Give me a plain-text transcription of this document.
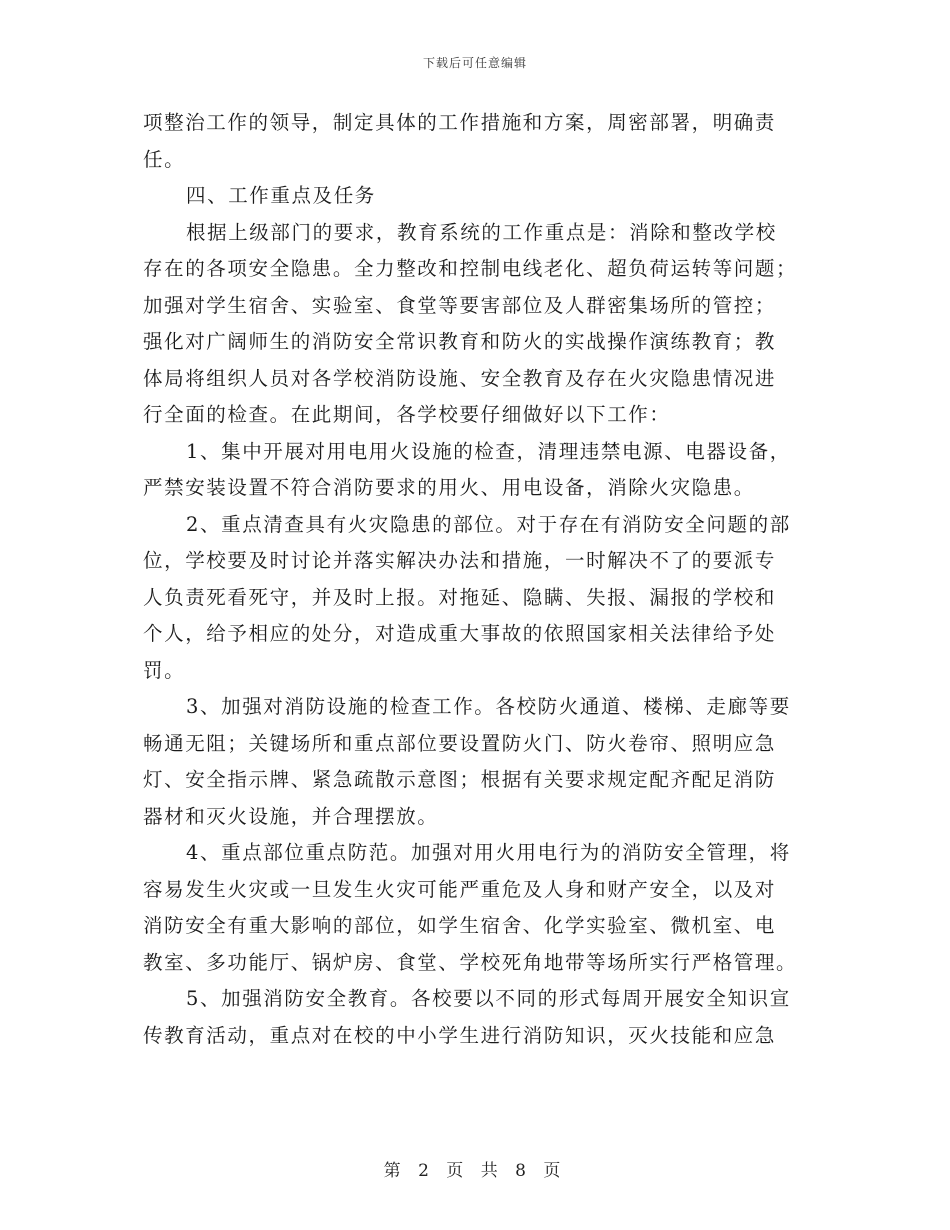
下载后可任意编辑
项整治工作的领导，制定具体的工作措施和方案，周密部署，明确责
任。
四、工作重点及任务
根据上级部门的要求，教育系统的工作重点是：消除和整改学校
存在的各项安全隐患。全力整改和控制电线老化、超负荷运转等问题；
加强对学生宿舍、实验室、食堂等要害部位及人群密集场所的管控；
强化对广阔师生的消防安全常识教育和防火的实战操作演练教育；教
体局将组织人员对各学校消防设施、安全教育及存在火灾隐患情况进
行全面的检查。在此期间，各学校要仔细做好以下工作：
1、集中开展对用电用火设施的检查，清理违禁电源、电器设备，
严禁安装设置不符合消防要求的用火、用电设备，消除火灾隐患。
2、重点清查具有火灾隐患的部位。对于存在有消防安全问题的部
位，学校要及时讨论并落实解决办法和措施，一时解决不了的要派专
人负责死看死守，并及时上报。对拖延、隐瞒、失报、漏报的学校和
个人，给予相应的处分，对造成重大事故的依照国家相关法律给予处
罚。
3、加强对消防设施的检查工作。各校防火通道、楼梯、走廊等要
畅通无阻；关键场所和重点部位要设置防火门、防火卷帘、照明应急
灯、安全指示牌、紧急疏散示意图；根据有关要求规定配齐配足消防
器材和灭火设施，并合理摆放。
4、重点部位重点防范。加强对用火用电行为的消防安全管理，将
容易发生火灾或一旦发生火灾可能严重危及人身和财产安全，以及对
消防安全有重大影响的部位，如学生宿舍、化学实验室、微机室、电
教室、多功能厅、锅炉房、食堂、学校死角地带等场所实行严格管理。
5、加强消防安全教育。各校要以不同的形式每周开展安全知识宣
传教育活动，重点对在校的中小学生进行消防知识，灭火技能和应急
第 2 页 共 8 页
